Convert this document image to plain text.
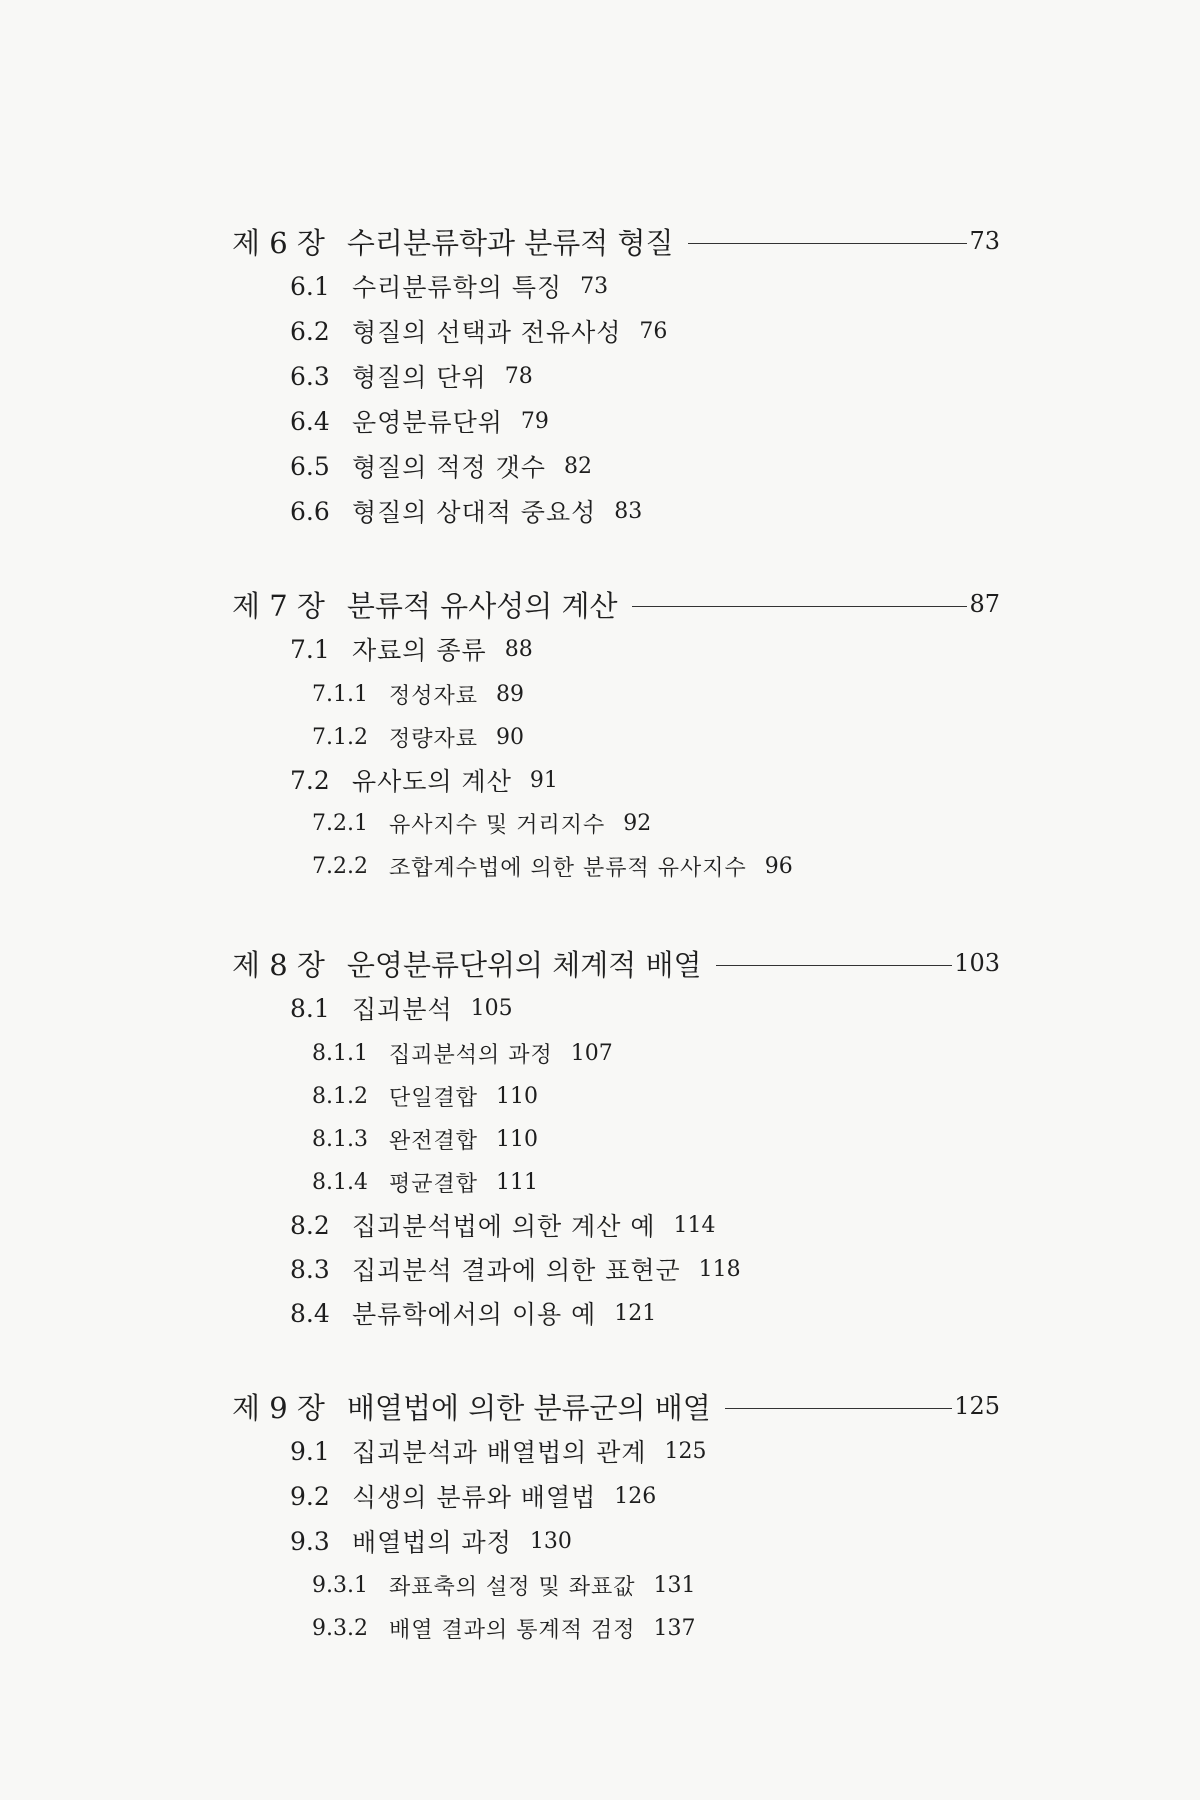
제 6 장 수리분류학과 분류적 형질	73
6.1 수리분류학의 특징 73
6.2 형질의 선택과 전유사성 76
6.3 형질의 단위 78
6.4 운영분류단위 79
6.5 형질의 적정 갯수 82
6.6 형질의 상대적 중요성 83
제 7 장 분류적 유사성의 계산	87
7.1 자료의 종류 88
7.1.1 정성자료 89
7.1.2 정량자료 90
7.2 유사도의 계산 91
7.2.1 유사지수 및 거리지수 92
7.2.2 조합계수법에 의한 분류적 유사지수 96
제 8 장 운영분류단위의 체계적 배열	103
8.1 집괴분석 105
8.1.1 집괴분석의 과정 107
8.1.2 단일결합 110
8.1.3 완전결합 110
8.1.4 평균결합 111
8.2 집괴분석법에 의한 계산 예 114
8.3 집괴분석 결과에 의한 표현군 118
8.4 분류학에서의 이용 예 121
제 9 장 배열법에 의한 분류군의 배열	125
9.1 집괴분석과 배열법의 관계 125
9.2 식생의 분류와 배열법 126
9.3 배열법의 과정 130
9.3.1 좌표축의 설정 및 좌표값 131
9.3.2 배열 결과의 통계적 검정 137
